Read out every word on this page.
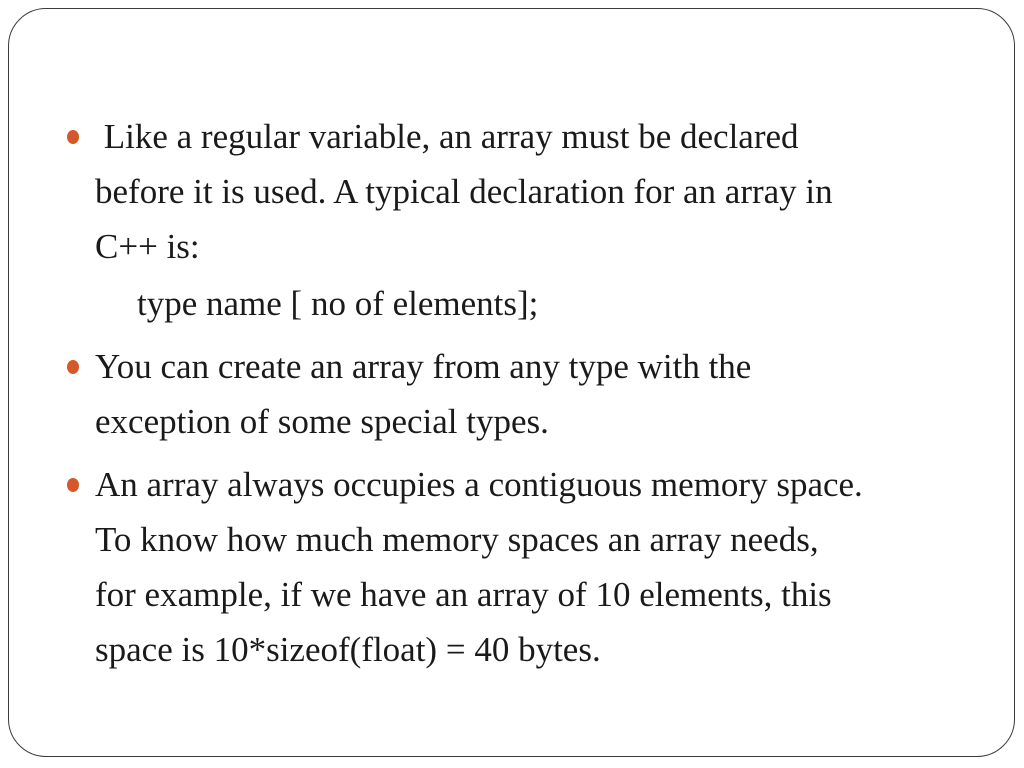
Like a regular variable, an array must be declared
before it is used. A typical declaration for an array in
C++ is:
type name [ no of elements];
You can create an array from any type with the
exception of some special types.
An array always occupies a contiguous memory space.
To know how much memory spaces an array needs,
for example, if we have an array of 10 elements, this
space is 10*sizeof(float) = 40 bytes.
